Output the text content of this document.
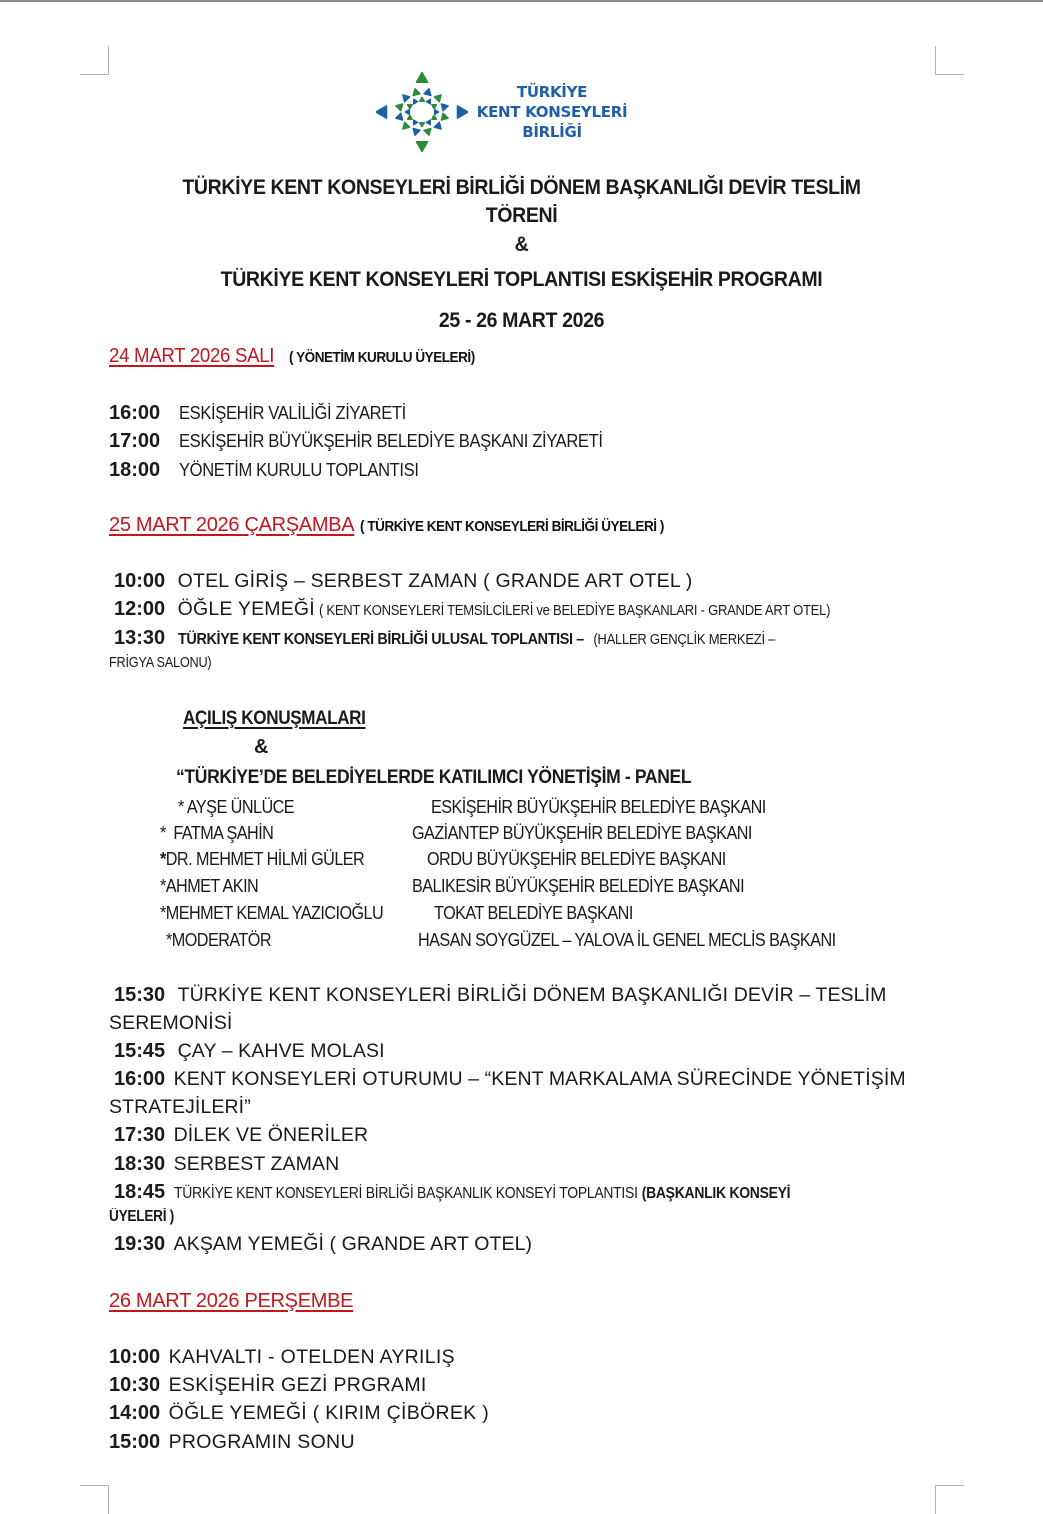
TÜRKİYE
KENT KONSEYLERİ
BİRLİĞİ
TÜRKİYE KENT KONSEYLERİ BİRLİĞİ DÖNEM BAŞKANLIĞI DEVİR TESLİM
TÖRENİ
&
TÜRKİYE KENT KONSEYLERİ TOPLANTISI ESKİŞEHİR PROGRAMI
25 - 26 MART 2026
24 MART 2026 SALI ( YÖNETİM KURULU ÜYELERİ)
16:00 ESKİŞEHİR VALİLİĞİ ZİYARETİ
17:00 ESKİŞEHİR BÜYÜKŞEHİR BELEDİYE BAŞKANI ZİYARETİ
18:00 YÖNETİM KURULU TOPLANTISI
25 MART 2026 ÇARŞAMBA ( TÜRKİYE KENT KONSEYLERİ BİRLİĞİ ÜYELERİ )
10:00 OTEL GİRİŞ – SERBEST ZAMAN ( GRANDE ART OTEL )
12:00 ÖĞLE YEMEĞİ ( KENT KONSEYLERİ TEMSİLCİLERİ ve BELEDİYE BAŞKANLARI - GRANDE ART OTEL)
13:30 TÜRKİYE KENT KONSEYLERİ BİRLİĞİ ULUSAL TOPLANTISI – (HALLER GENÇLİK MERKEZİ –
FRİGYA SALONU)
AÇILIŞ KONUŞMALARI
&
“TÜRKİYE’DE BELEDİYELERDE KATILIMCI YÖNETİŞİM - PANEL
* AYŞE ÜNLÜCE	ESKİŞEHİR BÜYÜKŞEHİR BELEDİYE BAŞKANI
* FATMA ŞAHİN	GAZİANTEP BÜYÜKŞEHİR BELEDİYE BAŞKANI
*DR. MEHMET HİLMİ GÜLER	ORDU BÜYÜKŞEHİR BELEDİYE BAŞKANI
*AHMET AKIN	BALIKESİR BÜYÜKŞEHİR BELEDİYE BAŞKANI
*MEHMET KEMAL YAZICIOĞLU	TOKAT BELEDİYE BAŞKANI
*MODERATÖR	HASAN SOYGÜZEL – YALOVA İL GENEL MECLİS BAŞKANI
15:30 TÜRKİYE KENT KONSEYLERİ BİRLİĞİ DÖNEM BAŞKANLIĞI DEVİR – TESLİM
SEREMONİSİ
15:45 ÇAY – KAHVE MOLASI
16:00 KENT KONSEYLERİ OTURUMU – “KENT MARKALAMA SÜRECİNDE YÖNETİŞİM
STRATEJİLERİ”
17:30 DİLEK VE ÖNERİLER
18:30 SERBEST ZAMAN
18:45 TÜRKİYE KENT KONSEYLERİ BİRLİĞİ BAŞKANLIK KONSEYİ TOPLANTISI (BAŞKANLIK KONSEYİ
ÜYELERİ )
19:30 AKŞAM YEMEĞİ ( GRANDE ART OTEL)
26 MART 2026 PERŞEMBE
10:00 KAHVALTI - OTELDEN AYRILIŞ
10:30 ESKİŞEHİR GEZİ PRGRAMI
14:00 ÖĞLE YEMEĞİ ( KIRIM ÇİBÖREK )
15:00 PROGRAMIN SONU
